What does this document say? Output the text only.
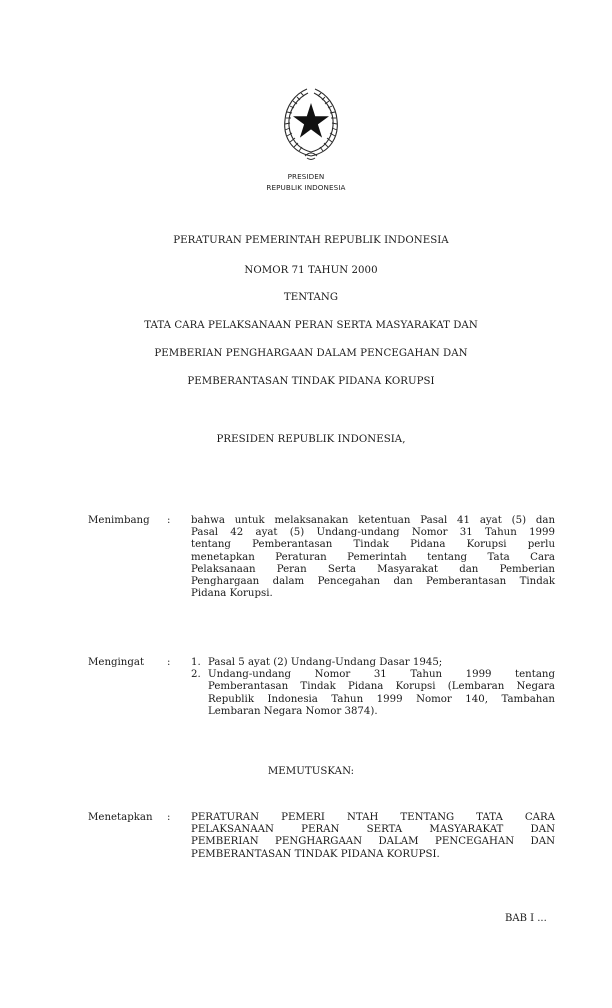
PRESIDEN
REPUBLIK INDONESIA
PERATURAN PEMERINTAH REPUBLIK INDONESIA
NOMOR 71 TAHUN 2000
TENTANG
TATA CARA PELAKSANAAN PERAN SERTA MASYARAKAT DAN
PEMBERIAN PENGHARGAAN DALAM PENCEGAHAN DAN
PEMBERANTASAN TINDAK PIDANA KORUPSI
PRESIDEN REPUBLIK INDONESIA,
Menimbang : bahwa untuk melaksanakan ketentuan Pasal 41 ayat (5) dan
Pasal 42 ayat (5) Undang-undang Nomor 31 Tahun 1999
tentang Pemberantasan Tindak Pidana Korupsi perlu
menetapkan Peraturan Pemerintah tentang Tata Cara
Pelaksanaan Peran Serta Masyarakat dan Pemberian
Penghargaan dalam Pencegahan dan Pemberantasan Tindak
Pidana Korupsi.
Mengingat : 1. Pasal 5 ayat (2) Undang-Undang Dasar 1945;
2. Undang-undang Nomor 31 Tahun 1999 tentang
Pemberantasan Tindak Pidana Korupsi (Lembaran Negara
Republik Indonesia Tahun 1999 Nomor 140, Tambahan
Lembaran Negara Nomor 3874).
MEMUTUSKAN:
Menetapkan : PERATURAN PEMERI NTAH TENTANG TATA CARA
PELAKSANAAN PERAN SERTA MASYARAKAT DAN
PEMBERIAN PENGHARGAAN DALAM PENCEGAHAN DAN
PEMBERANTASAN TINDAK PIDANA KORUPSI.
BAB I ...
